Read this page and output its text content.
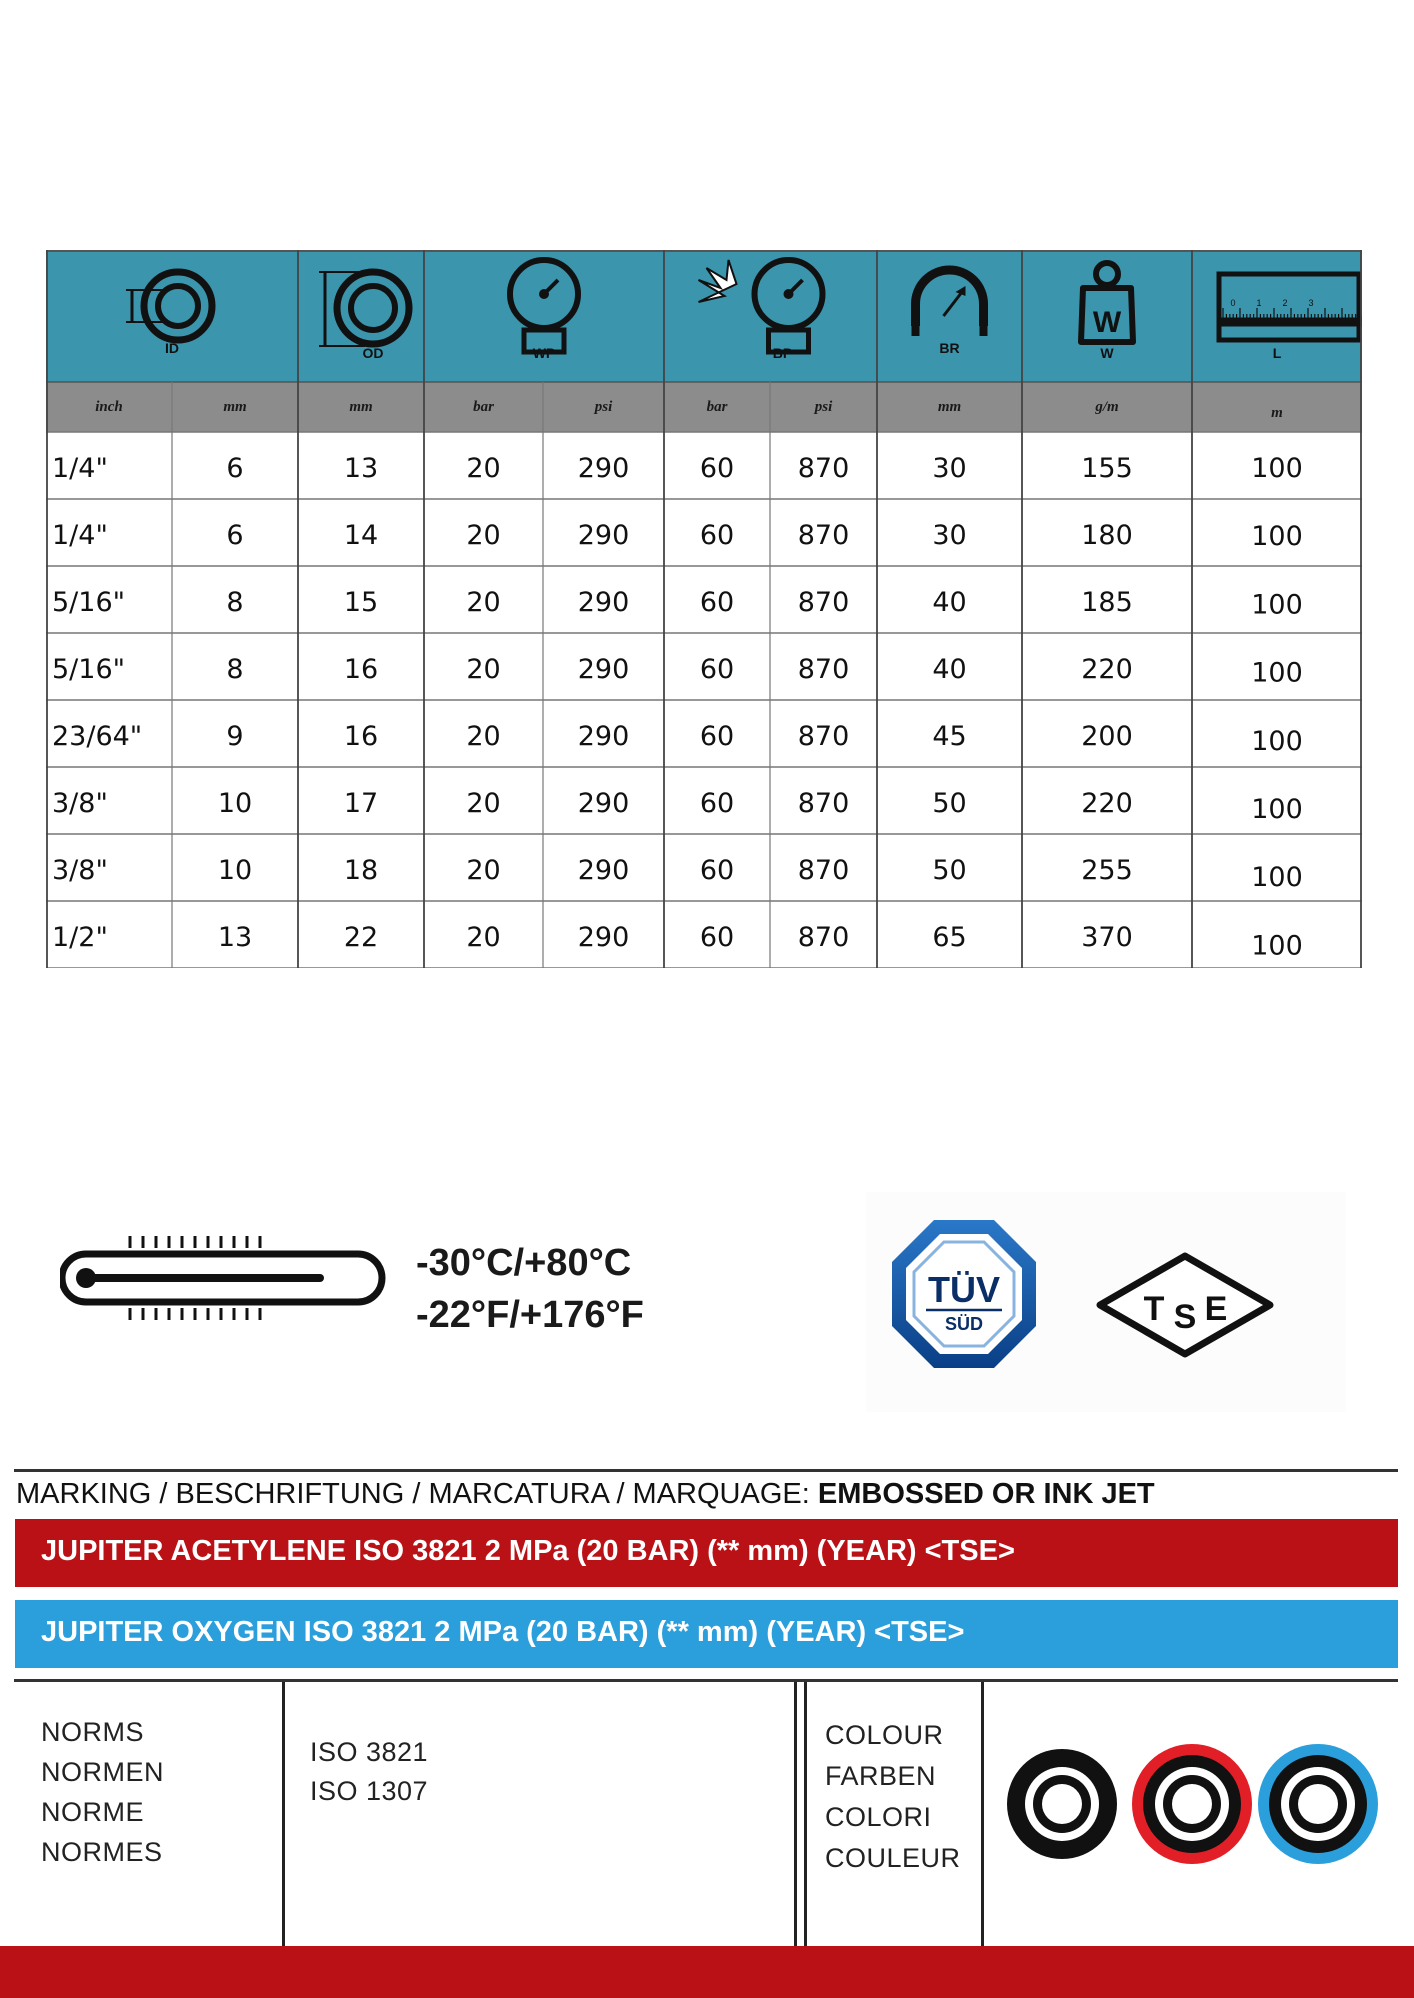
ID	OD	WP	BP	BR
W
W
0 1 2 3
L
inch	mm	mm	bar	psi	bar	psi	mm	g/m	m
1/4"	6	13	20	290	60 870	30	155	100
1/4"	6	14	20	290	60 870	30	180	100
5/16"	8	15	20	290	60 870	40	185	100
5/16"	8	16	20	290	60 870	40	220	100
23/64"	9	16	20	290	60 870	45	200	100
3/8"	10	17	20	290	60 870	50	220	100
3/8"	10	18	20	290	60 870	50	255	100
1/2"	13	22	20	290	60 870	65	370	100
-30°C/+80°C
-22°F/+176°F
TÜV
SÜD	T S E
MARKING / BESCHRIFTUNG / MARCATURA / MARQUAGE: EMBOSSED OR INK JET
JUPITER ACETYLENE ISO 3821 2 MPa (20 BAR) (** mm) (YEAR) <TSE>
JUPITER OXYGEN ISO 3821 2 MPa (20 BAR) (** mm) (YEAR) <TSE>
NORMS
NORMEN
NORME
NORMES
ISO 3821
ISO 1307
COLOUR
FARBEN
COLORI
COULEUR
